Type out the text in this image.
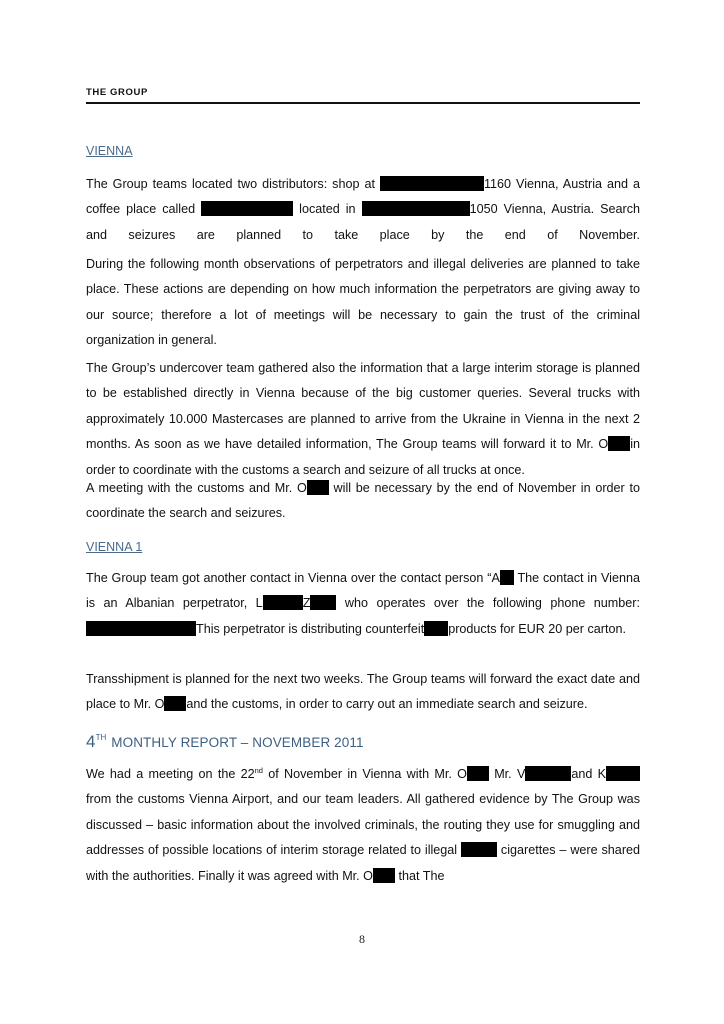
THE GROUP
VIENNA
The Group teams located two distributors: shop at	1160 Vienna, Austria and a coffee place called	located in	1050 Vienna, Austria. Search and seizures are planned to take place by the end of November.
During the following month observations of perpetrators and illegal deliveries are planned to take place. These actions are depending on how much information the perpetrators are giving away to our source; therefore a lot of meetings will be necessary to gain the trust of the criminal organization in general.
The Group’s undercover team gathered also the information that a large interim storage is planned to be established directly in Vienna because of the big customer queries. Several trucks with approximately 10.000 Mastercases are planned to arrive from the Ukraine in Vienna in the next 2 months. As soon as we have detailed information, The Group teams will forward it to Mr. O in order to coordinate with the customs a search and seizure of all trucks at once.
A meeting with the customs and Mr. O will be necessary by the end of November in order to coordinate the search and seizures.
VIENNA 1
The Group team got another contact in Vienna over the contact person “A The contact in Vienna is an Albanian perpetrator, L	Z	who operates over the following phone number: This perpetrator is distributing counterfeit products for EUR 20 per carton.
Transshipment is planned for the next two weeks. The Group teams will forward the exact date and place to Mr. O and the customs, in order to carry out an immediate search and seizure.
4TH MONTHLY REPORT – NOVEMBER 2011
We had a meeting on the 22nd of November in Vienna with Mr. O Mr. V	and K from the customs Vienna Airport, and our team leaders. All gathered evidence by The Group was discussed – basic information about the involved criminals, the routing they use for smuggling and addresses of possible locations of interim storage related to illegal	cigarettes – were shared with the authorities. Finally it was agreed with Mr. O that The
8
